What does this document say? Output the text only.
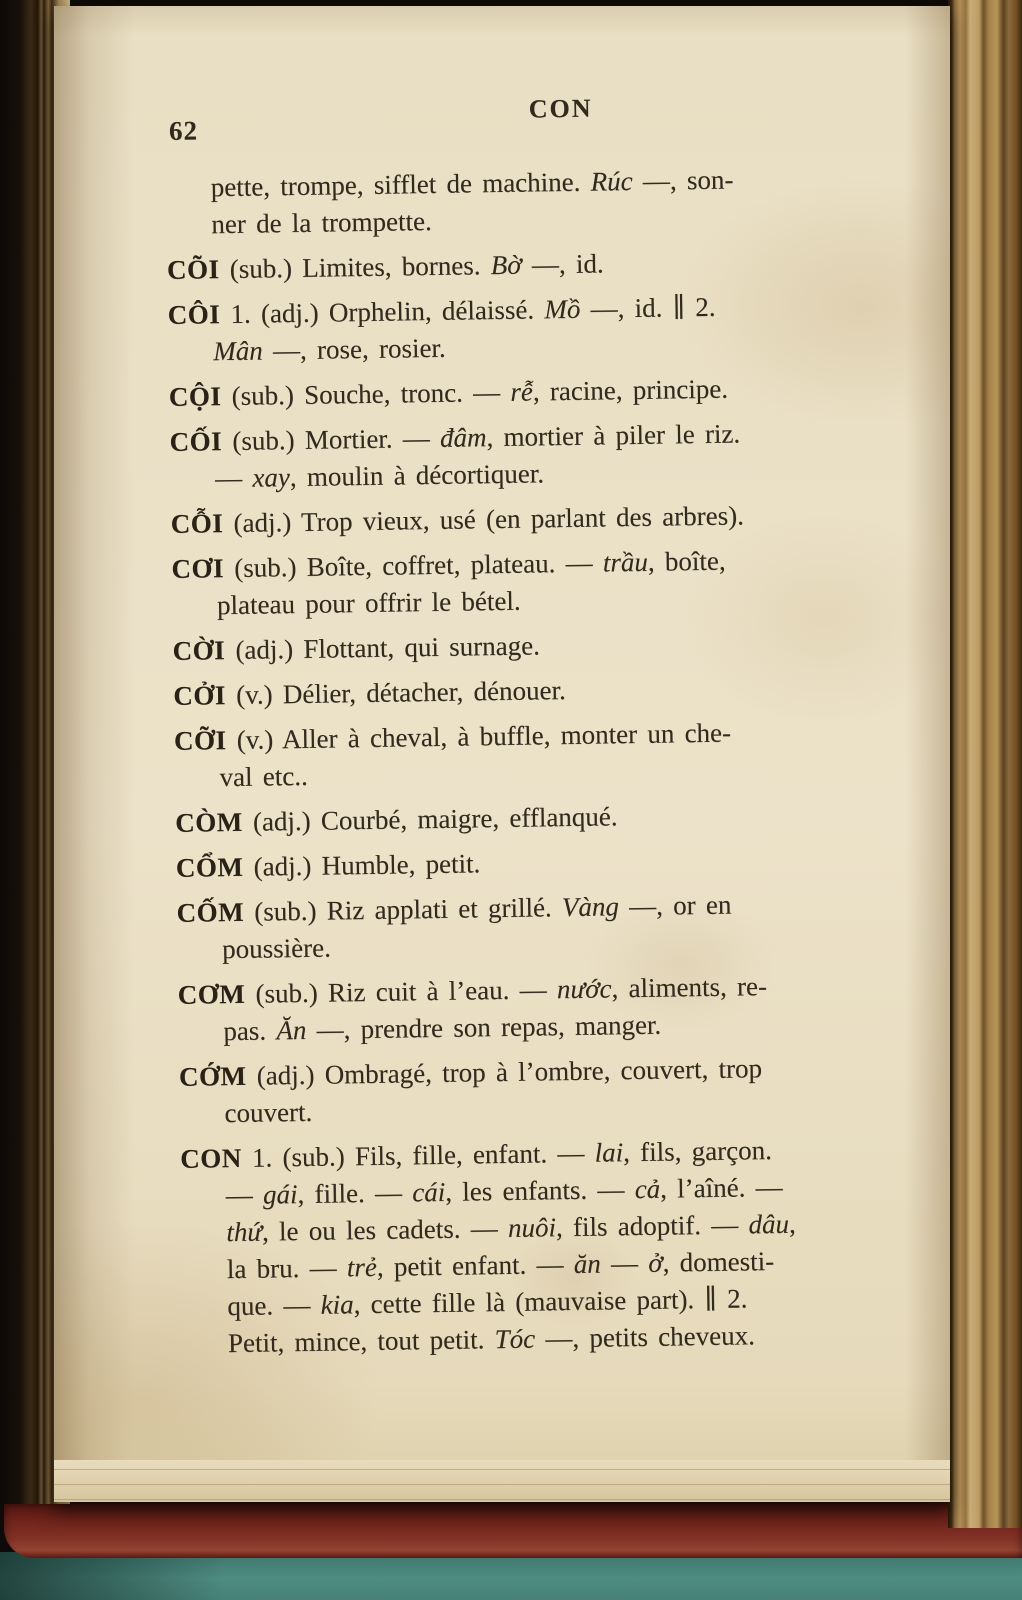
62
CON
pette, trompe, sifflet de machine. Rúc —, son-
ner de la trompette.
CÕI (sub.) Limites, bornes. Bờ —, id.
CÔI 1. (adj.) Orphelin, délaissé. Mồ —, id. ∥ 2.
Mân —, rose, rosier.
CỘI (sub.) Souche, tronc. — rễ, racine, principe.
CỐI (sub.) Mortier. — đâm, mortier à piler le riz.
— xay, moulin à décortiquer.
CỖI (adj.) Trop vieux, usé (en parlant des arbres).
CƠI (sub.) Boîte, coffret, plateau. — trầu, boîte,
plateau pour offrir le bétel.
CỜI (adj.) Flottant, qui surnage.
CỞI (v.) Délier, détacher, dénouer.
CỠI (v.) Aller à cheval, à buffle, monter un che-
val etc..
CÒM (adj.) Courbé, maigre, efflanqué.
CỔM (adj.) Humble, petit.
CỐM (sub.) Riz applati et grillé. Vàng —, or en
poussière.
CƠM (sub.) Riz cuit à l’eau. — nước, aliments, re-
pas. Ăn —, prendre son repas, manger.
CỚM (adj.) Ombragé, trop à l’ombre, couvert, trop
couvert.
CON 1. (sub.) Fils, fille, enfant. — lai, fils, garçon.
— gái, fille. — cái, les enfants. — cả, l’aîné. —
thứ, le ou les cadets. — nuôi, fils adoptif. — dâu,
la bru. — trẻ, petit enfant. — ăn — ở, domesti-
que. — kia, cette fille là (mauvaise part). ∥ 2.
Petit, mince, tout petit. Tóc —, petits cheveux.
